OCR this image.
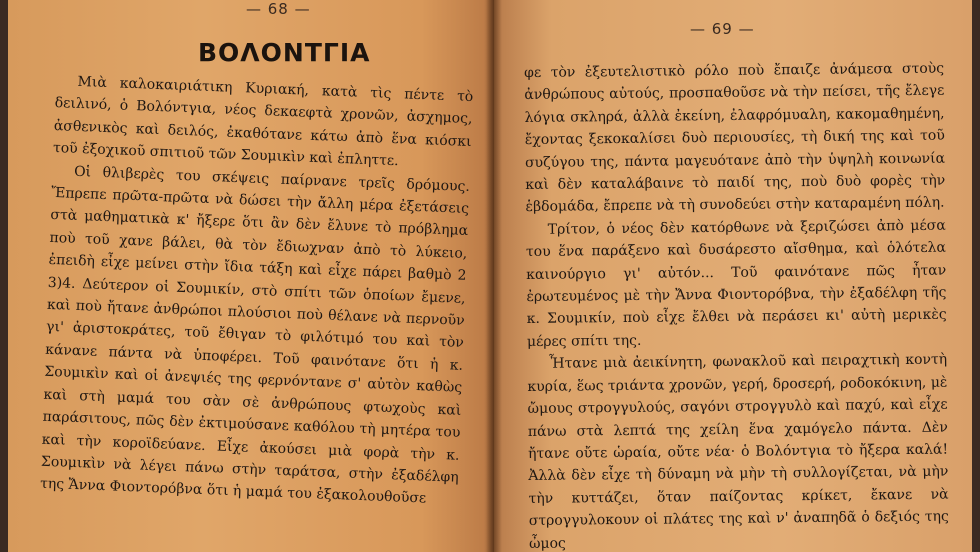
— 68 —
ΒΟΛΟΝΤΓΙΑ

Μιὰ καλοκαιριάτικη Κυριακή, κατὰ τὶς πέντε τὸ δειλινό, ὁ Βολόντγια, νέος δεκαεφτὰ χρονῶν, ἀσχημος, ἀσθενικὸς καὶ δειλός, ἐκαθότανε κάτω ἀπὸ ἕνα κιόσκι τοῦ ἐξοχικοῦ σπιτιοῦ τῶν Σουμικὶν καὶ ἐπληττε.

Οἱ θλιβερὲς του σκέψεις παίρνανε τρεῖς δρόμους. Ἔπρεπε πρῶτα-πρῶτα νὰ δώσει τὴν ἄλλη μέρα ἐξετάσεις στὰ μαθηματικὰ κ' ἤξερε ὅτι ἂν δὲν ἔλυνε τὸ πρόβλημα ποὺ τοῦ χανε βάλει, θὰ τὸν ἔδιωχναν ἀπὸ τὸ λύκειο, ἐπειδὴ εἶχε μείνει στὴν ἴδια τάξη καὶ εἶχε πάρει βαθμὸ 2 3)4. Δεύτερον οἱ Σουμικίν, στὸ σπίτι τῶν ὁποίων ἔμενε, καὶ ποὺ ἤτανε ἀνθρώποι πλούσιοι ποὺ θέλανε νὰ περνοῦν γι' ἀριστοκράτες, τοῦ ἔθιγαν τὸ φιλότιμό του καὶ τὸν κάνανε πάντα νὰ ὑποφέρει. Τοῦ φαινότανε ὅτι ἡ κ. Σουμικὶν καὶ οἱ ἀνεψιές της φερνόντανε σ' αὐτὸν καθὼς καὶ στὴ μαμά του σὰν σὲ ἀνθρώπους φτωχοὺς καὶ παράσιτους, πῶς δὲν ἐκτιμούσανε καθόλου τὴ μητέρα του καὶ τὴν κοροϊδεύανε. Εἶχε ἀκούσει μιὰ φορὰ τὴν κ. Σουμικὶν νὰ λέγει πάνω στὴν ταράτσα, στὴν ἐξαδέλφη της Ἄννα Φιοντορόβνα ὅτι ἡ μαμά του ἐξακολουθοῦσε

— 69 —

φε τὸν ἐξευτελιστικὸ ρόλο ποὺ ἔπαιζε ἀνάμεσα στοὺς ἀνθρώπους αὐτούς, προσπαθοῦσε νὰ τὴν πείσει, τῆς ἔλεγε λόγια σκληρά, ἀλλὰ ἐκείνη, ἐλαφρόμυαλη, κακομαθημένη, ἔχοντας ξεκοκαλίσει δυὸ περιουσίες, τὴ δική της καὶ τοῦ συζύγου της, πάντα μαγευότανε ἀπὸ τὴν ὑψηλὴ κοινωνία καὶ δὲν καταλάβαινε τὸ παιδί της, ποὺ δυὸ φορὲς τὴν ἑβδομάδα, ἔπρεπε νὰ τὴ συνοδεύει στὴν καταραμένη πόλη.

Τρίτον, ὁ νέος δὲν κατόρθωνε νὰ ξεριζώσει ἀπὸ μέσα του ἕνα παράξενο καὶ δυσάρεστο αἴσθημα, καὶ ὁλότελα καινούργιο γι' αὐτόν... Τοῦ φαινότανε πῶς ἦταν ἐρωτευμένος μὲ τὴν Ἄννα Φιοντορόβνα, τὴν ἐξαδέλφη τῆς κ. Σουμικίν, ποὺ εἶχε ἔλθει νὰ περάσει κι' αὐτὴ μερικὲς μέρες σπίτι της.

Ἦτανε μιὰ ἀεικίνητη, φωνακλοῦ καὶ πειραχτικὴ κοντὴ κυρία, ἕως τριάντα χρονῶν, γερή, δροσερή, ροδοκόκινη, μὲ ὤμους στρογγυλούς, σαγόνι στρογγυλὸ καὶ παχύ, καὶ εἶχε πάνω στὰ λεπτά της χείλη ἕνα χαμόγελο πάντα. Δὲν ἤτανε οὔτε ὡραία, οὔτε νέα· ὁ Βολόντγια τὸ ἤξερα καλά! Ἀλλὰ δὲν εἶχε τὴ δύναμη νὰ μὴν τὴ συλλογίζεται, νὰ μὴν τὴν κυττάζει, ὅταν παίζοντας κρίκετ, ἔκανε νὰ στρογγυλοκουν οἱ πλάτες της καὶ ν' ἀναπηδᾶ ὁ δεξιός της ὦμος
